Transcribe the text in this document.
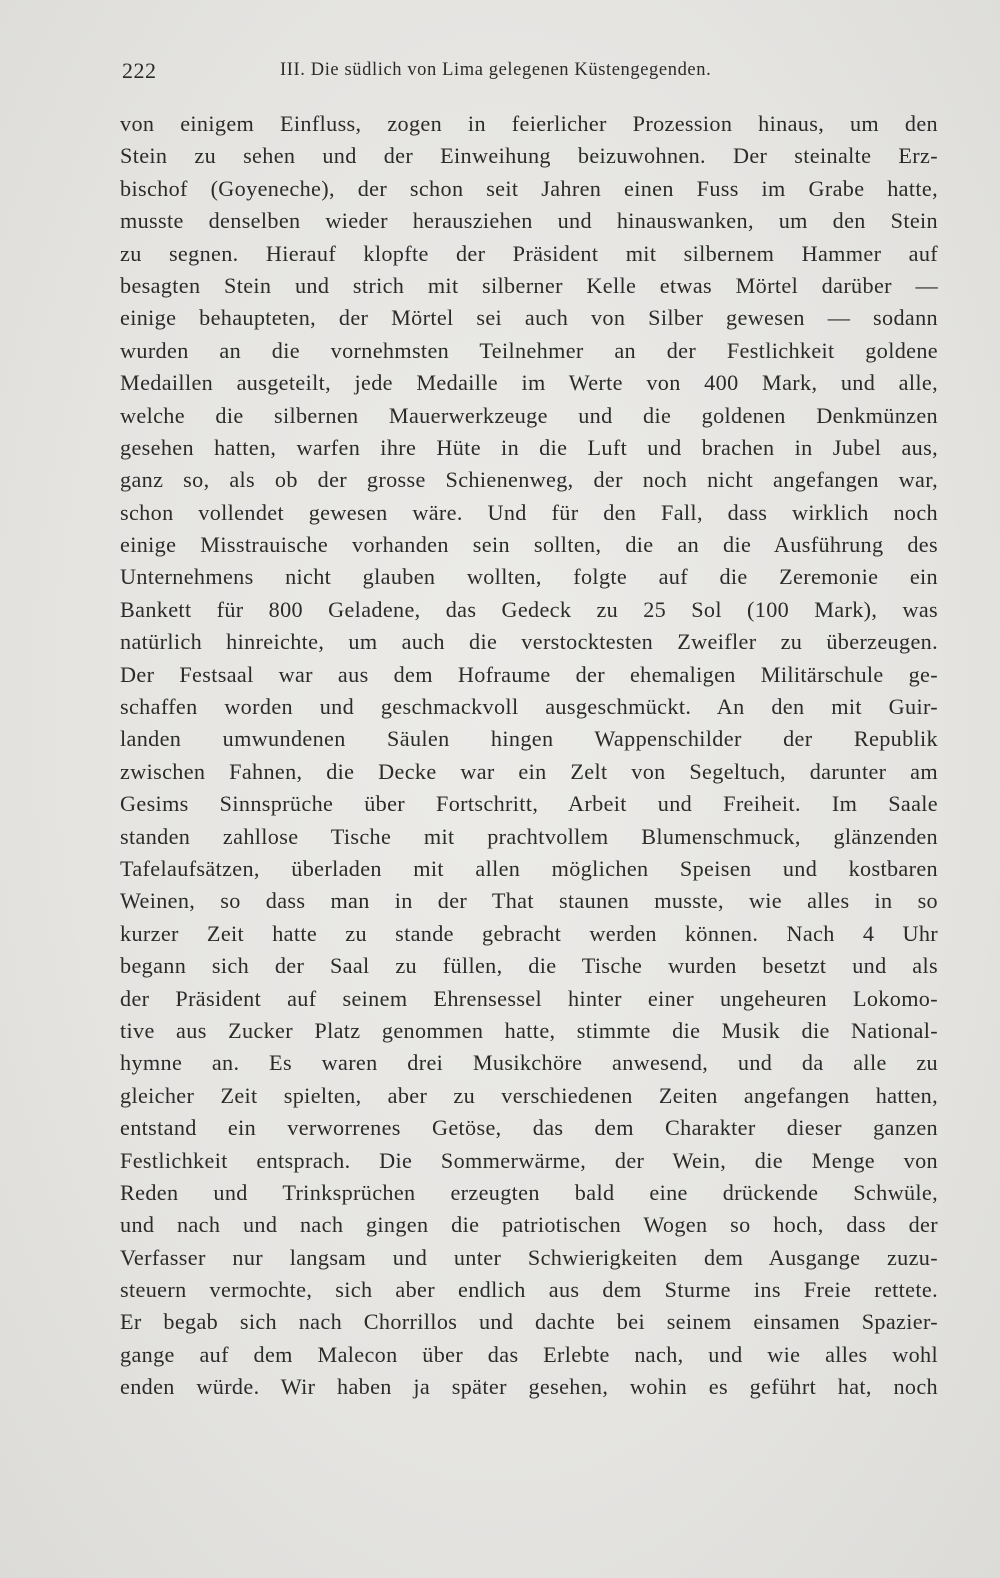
222	III. Die südlich von Lima gelegenen Küstengegenden.
von einigem Einfluss, zogen in feierlicher Prozession hinaus, um den
Stein zu sehen und der Einweihung beizuwohnen. Der steinalte Erz-
bischof (Goyeneche), der schon seit Jahren einen Fuss im Grabe hatte,
musste denselben wieder herausziehen und hinauswanken, um den Stein
zu segnen. Hierauf klopfte der Präsident mit silbernem Hammer auf
besagten Stein und strich mit silberner Kelle etwas Mörtel darüber —
einige behaupteten, der Mörtel sei auch von Silber gewesen — sodann
wurden an die vornehmsten Teilnehmer an der Festlichkeit goldene
Medaillen ausgeteilt, jede Medaille im Werte von 400 Mark, und alle,
welche die silbernen Mauerwerkzeuge und die goldenen Denkmünzen
gesehen hatten, warfen ihre Hüte in die Luft und brachen in Jubel aus,
ganz so, als ob der grosse Schienenweg, der noch nicht angefangen war,
schon vollendet gewesen wäre. Und für den Fall, dass wirklich noch
einige Misstrauische vorhanden sein sollten, die an die Ausführung des
Unternehmens nicht glauben wollten, folgte auf die Zeremonie ein
Bankett für 800 Geladene, das Gedeck zu 25 Sol (100 Mark), was
natürlich hinreichte, um auch die verstocktesten Zweifler zu überzeugen.
Der Festsaal war aus dem Hofraume der ehemaligen Militärschule ge-
schaffen worden und geschmackvoll ausgeschmückt. An den mit Guir-
landen umwundenen Säulen hingen Wappenschilder der Republik
zwischen Fahnen, die Decke war ein Zelt von Segeltuch, darunter am
Gesims Sinnsprüche über Fortschritt, Arbeit und Freiheit. Im Saale
standen zahllose Tische mit prachtvollem Blumenschmuck, glänzenden
Tafelaufsätzen, überladen mit allen möglichen Speisen und kostbaren
Weinen, so dass man in der That staunen musste, wie alles in so
kurzer Zeit hatte zu stande gebracht werden können. Nach 4 Uhr
begann sich der Saal zu füllen, die Tische wurden besetzt und als
der Präsident auf seinem Ehrensessel hinter einer ungeheuren Lokomo-
tive aus Zucker Platz genommen hatte, stimmte die Musik die National-
hymne an. Es waren drei Musikchöre anwesend, und da alle zu
gleicher Zeit spielten, aber zu verschiedenen Zeiten angefangen hatten,
entstand ein verworrenes Getöse, das dem Charakter dieser ganzen
Festlichkeit entsprach. Die Sommerwärme, der Wein, die Menge von
Reden und Trinksprüchen erzeugten bald eine drückende Schwüle,
und nach und nach gingen die patriotischen Wogen so hoch, dass der
Verfasser nur langsam und unter Schwierigkeiten dem Ausgange zuzu-
steuern vermochte, sich aber endlich aus dem Sturme ins Freie rettete.
Er begab sich nach Chorrillos und dachte bei seinem einsamen Spazier-
gange auf dem Malecon über das Erlebte nach, und wie alles wohl
enden würde. Wir haben ja später gesehen, wohin es geführt hat, noch
